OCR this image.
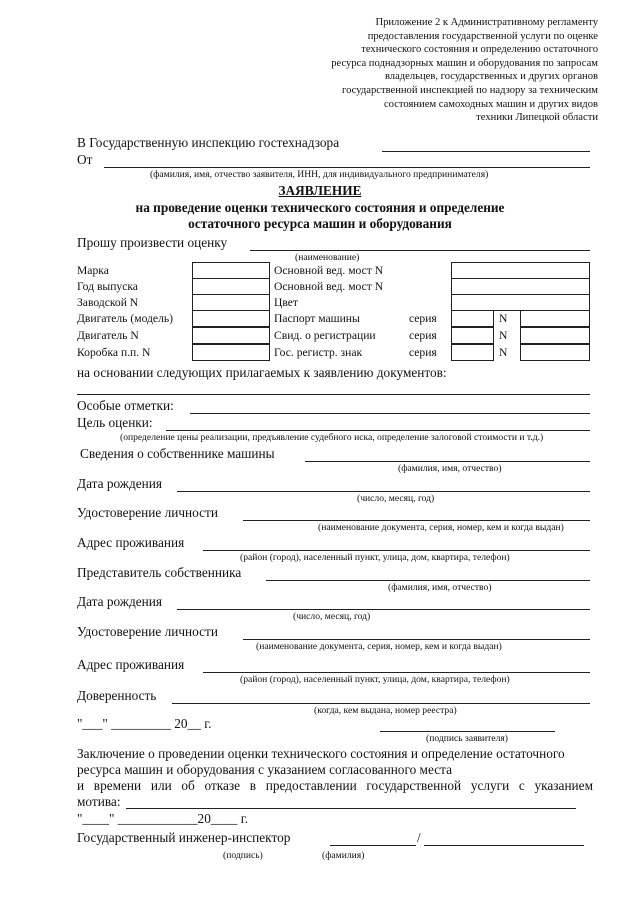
Приложение 2 к Административному регламенту
предоставления государственной услуги по оценке
технического состояния и определению остаточного
ресурса поднадзорных машин и оборудования по запросам
владельцев, государственных и других органов
государственной инспекцией по надзору за техническим
состоянием самоходных машин и других видов
техники Липецкой области
В Государственную инспекцию гостехнадзора
От
(фамилия, имя, отчество заявителя, ИНН, для индивидуального предпринимателя)
ЗАЯВЛЕНИЕ
на проведение оценки технического состояния и определение
остаточного ресурса машин и оборудования
Прошу произвести оценку
(наименование)
Марка
Год выпуска
Заводской N
Двигатель (модель)
Двигатель N
Коробка п.п. N
Основной вед. мост N
Основной вед. мост N
Цвет
Паспорт машины
Свид. о регистрации
Гос. регистр. знак
серия
серия
серия
N
N
N
на основании следующих прилагаемых к заявлению документов:
Особые отметки:
Цель оценки:
(определение цены реализации, предъявление судебного иска, определение залоговой стоимости и т.д.)
Сведения о собственнике машины
(фамилия, имя, отчество)
Дата рождения
(число, месяц, год)
Удостоверение личности
(наименование документа, серия, номер, кем и когда выдан)
Адрес проживания
(район (город), населенный пункт, улица, дом, квартира, телефон)
Представитель собственника
(фамилия, имя, отчество)
Дата рождения
(число, месяц, год)
Удостоверение личности
(наименование документа, серия, номер, кем и когда выдан)
Адрес проживания
(район (город), населенный пункт, улица, дом, квартира, телефон)
Доверенность
(когда, кем выдана, номер реестра)
"___" _________ 20__ г.
(подпись заявителя)
Заключение о проведении оценки технического состояния и определение остаточного
ресурса машин и оборудования с указанием согласованного места
и времени или об отказе в предоставлении государственной услуги с указанием
мотива:
"____" ____________20____ г.
Государственный инженер-инспектор	/
(подпись)	(фамилия)
